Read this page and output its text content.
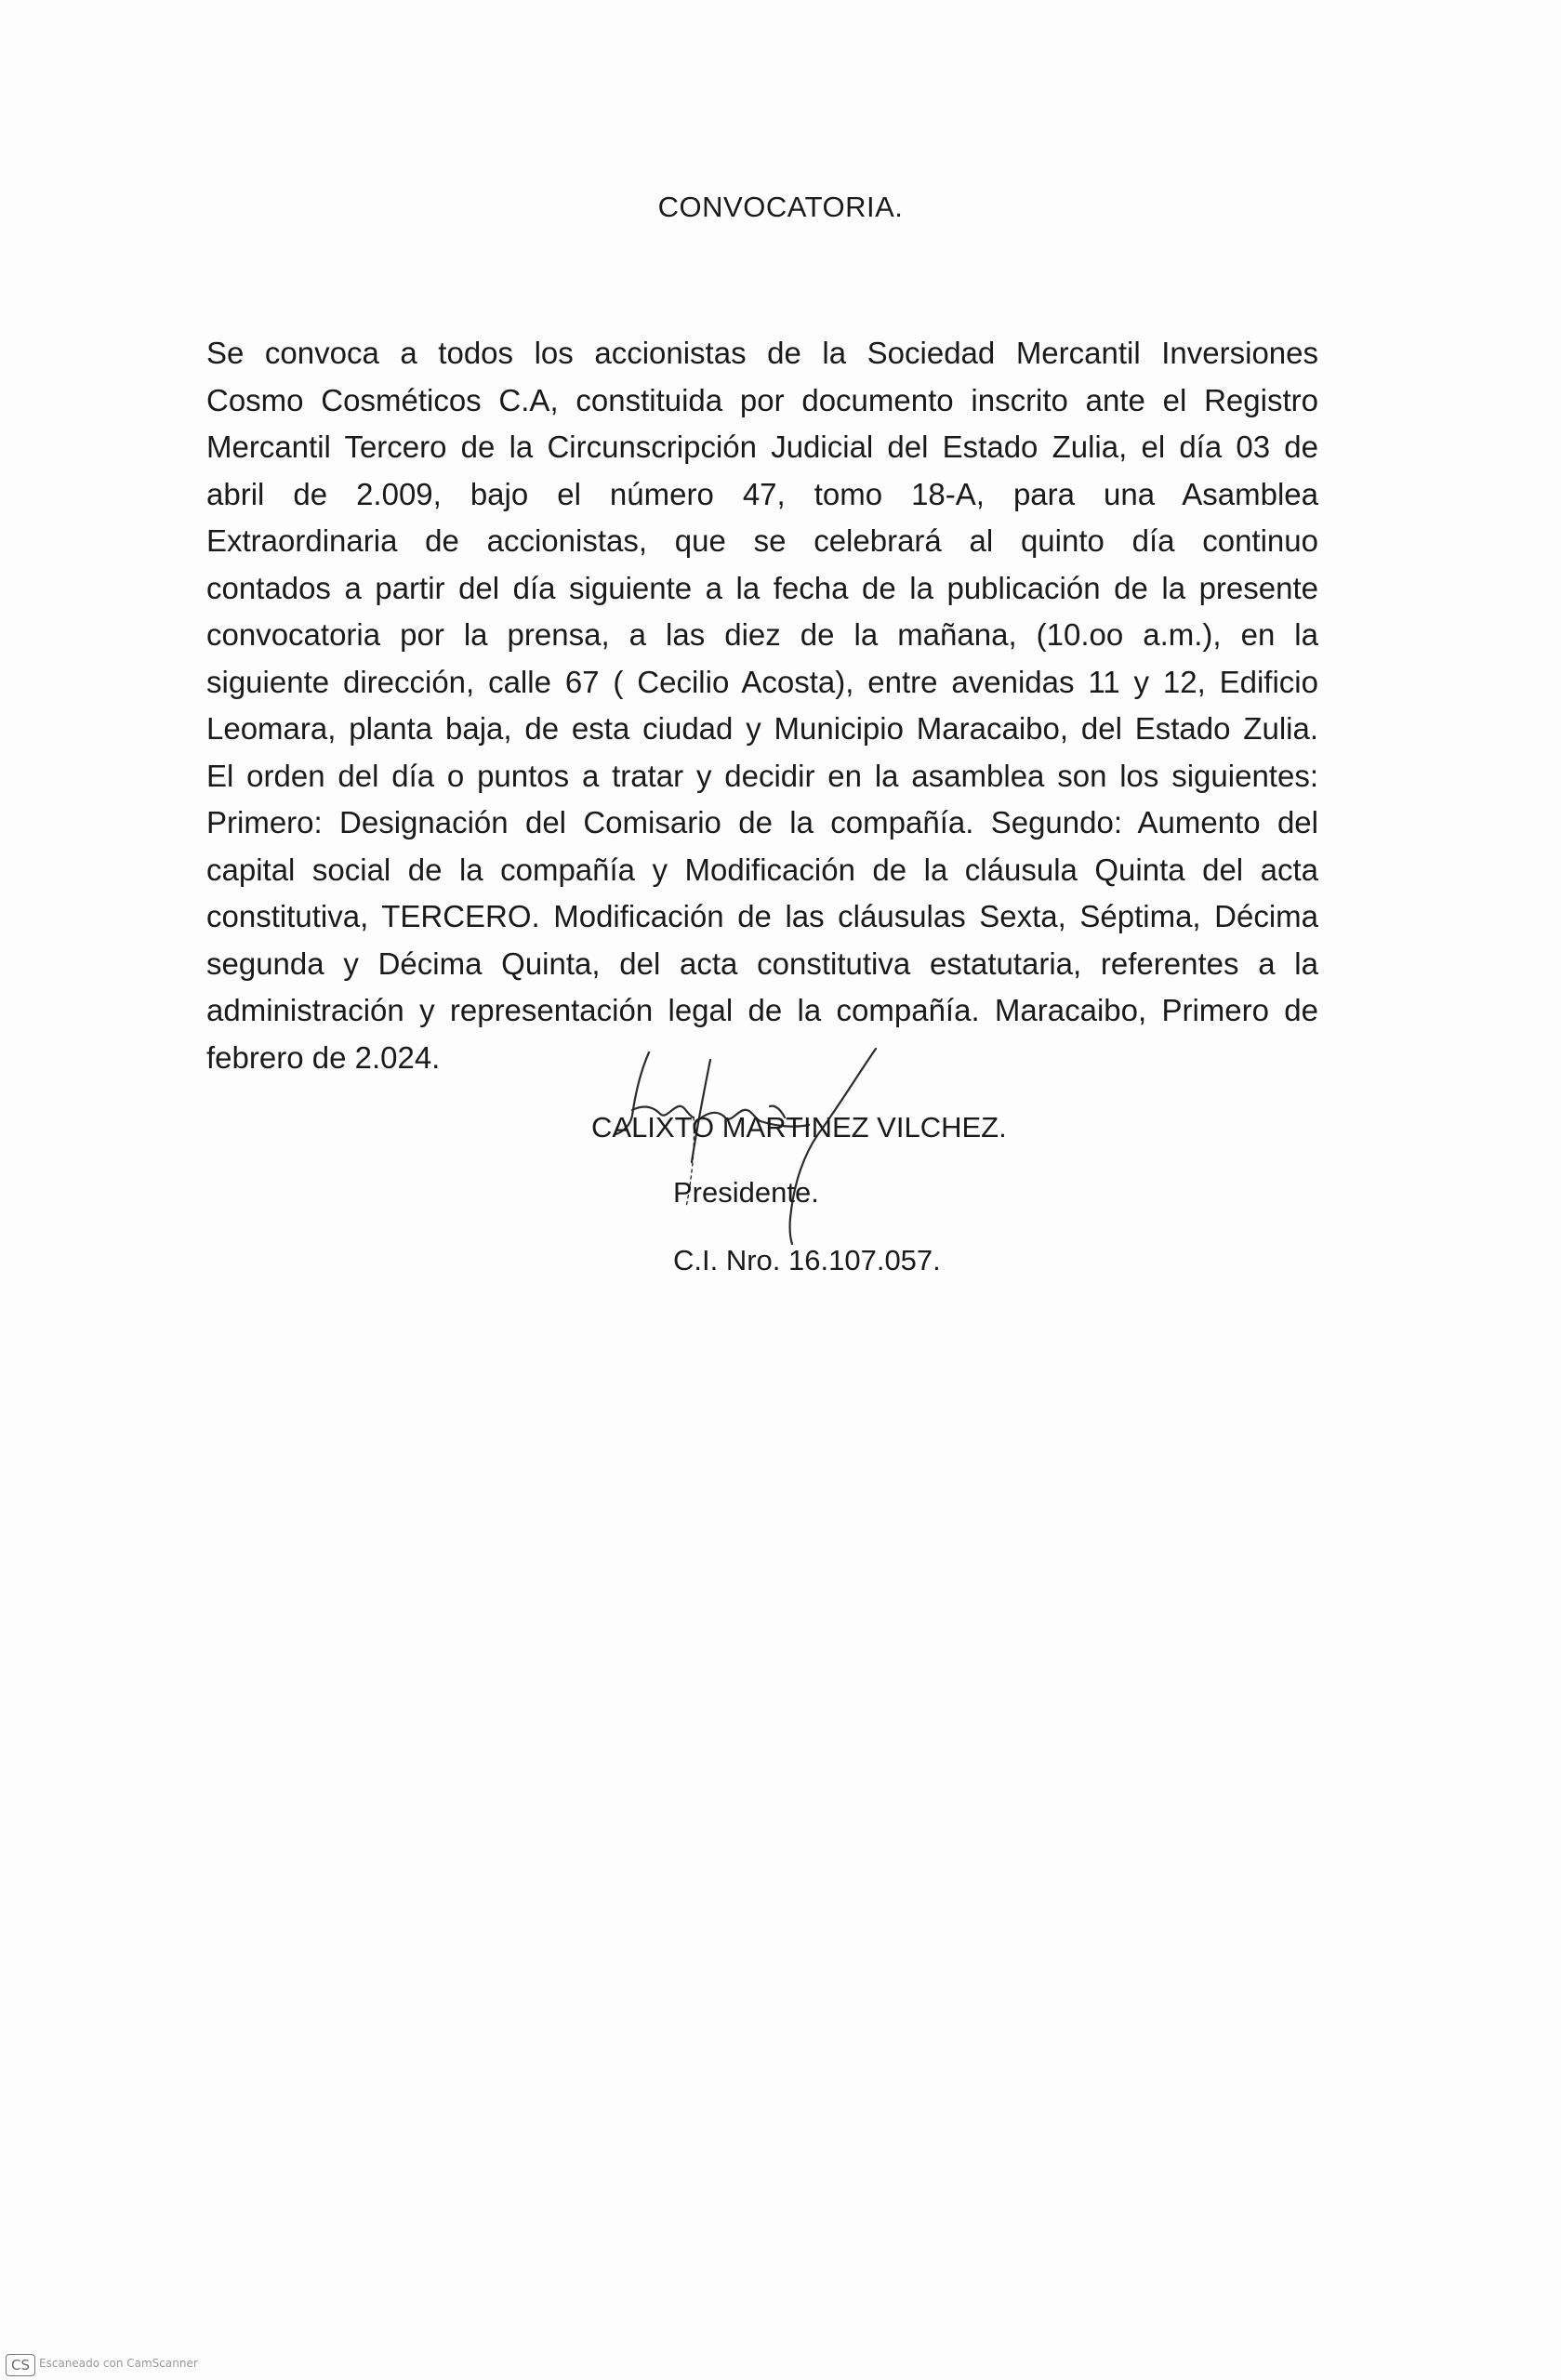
CONVOCATORIA.
Se convoca a todos los accionistas de la Sociedad Mercantil Inversiones
Cosmo Cosméticos C.A, constituida por documento inscrito ante el Registro
Mercantil Tercero de la Circunscripción Judicial del Estado Zulia, el día 03 de
abril de 2.009, bajo el número 47, tomo 18-A, para una Asamblea
Extraordinaria de accionistas, que se celebrará al quinto día continuo
contados a partir del día siguiente a la fecha de la publicación de la presente
convocatoria por la prensa, a las diez de la mañana, (10.oo a.m.), en la
siguiente dirección, calle 67 ( Cecilio Acosta), entre avenidas 11 y 12, Edificio
Leomara, planta baja, de esta ciudad y Municipio Maracaibo, del Estado Zulia.
El orden del día o puntos a tratar y decidir en la asamblea son los siguientes:
Primero: Designación del Comisario de la compañía. Segundo: Aumento del
capital social de la compañía y Modificación de la cláusula Quinta del acta
constitutiva, TERCERO. Modificación de las cláusulas Sexta, Séptima, Décima
segunda y Décima Quinta, del acta constitutiva estatutaria, referentes a la
administración y representación legal de la compañía. Maracaibo, Primero de
febrero de 2.024.

CALIXTO MARTINEZ VILCHEZ.

Presidente.

C.I. Nro. 16.107.057.

CS Escaneado con CamScanner
